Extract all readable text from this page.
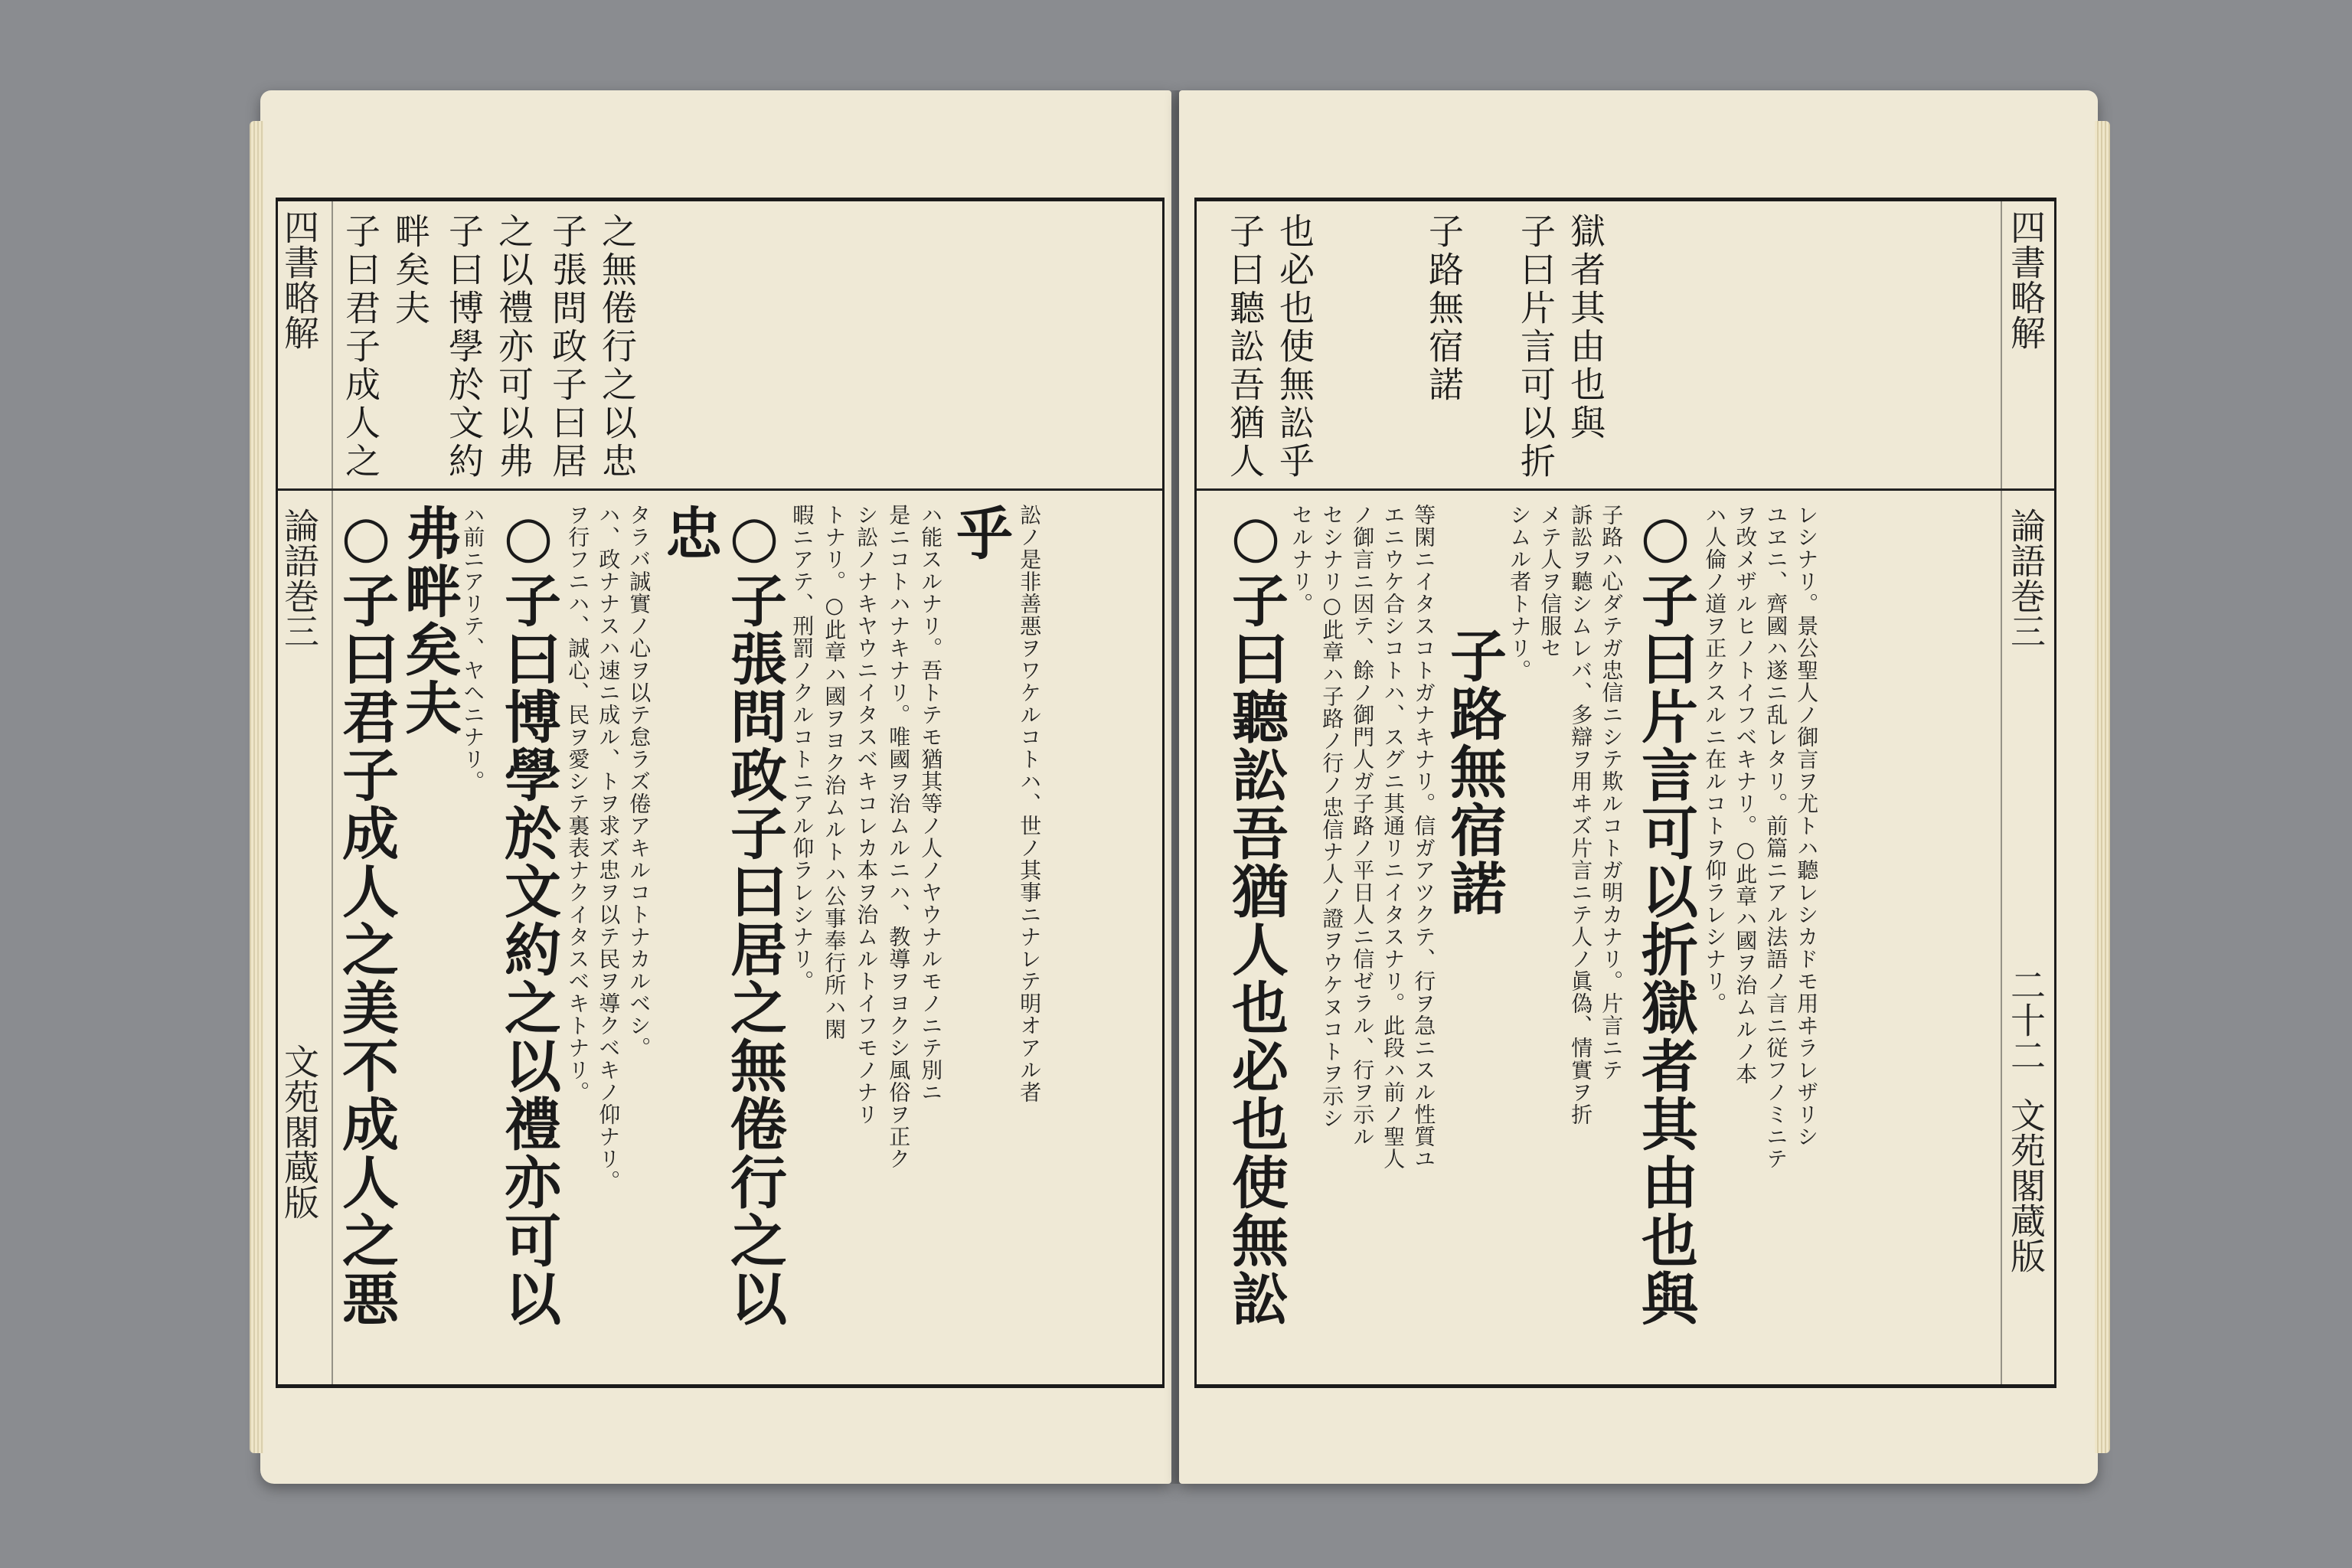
四書略解
論語巻三
文苑閣蔵版
子曰君子成人之 畔矣夫 子曰博學於文約 之以禮亦可以弗 子張問政子曰居 之無倦行之以忠
○子曰君子成人之美不成人之悪
弗畔矣夫
ハ前ニアリテ、ヤヘニナリ。 ○子曰博學於文約之以禮亦可以 ヲ行フニハ、誠心、民ヲ愛シテ裏表ナクイタスベキトナリ。 ハ、政ナナスハ速ニ成ル、トヲ求ズ忠ヲ以テ民ヲ導クベキノ仰ナリ。 タラバ誠實ノ心ヲ以テ怠ラズ倦アキルコトナカルベシ。 忠 ○子張問政子曰居之無倦行之以 暇ニアテ、刑罰ノクルコトニアル仰ラレシナリ。 トナリ。○此章ハ國ヲヨク治ムルトハ公事奉行所ハ閑 シ訟ノナキヤウニイタスベキコレカ本ヲ治ムルトイフモノナリ 是ニコトハナキナリ。唯國ヲ治ムルニハ、教導ヲヨクシ風俗ヲ正ク ハ能スルナリ。吾トテモ猶其等ノ人ノヤウナルモノニテ別ニ 乎 訟ノ是非善悪ヲワケルコトハ、世ノ其事ニナレテ明オアル者
子曰聽訟吾猶人 也必也使無訟乎	子路無宿諾 子曰片言可以折 獄者其由也與
セルナリ。
○子曰聽訟吾猶人也必也使無訟 セシナリ○此章ハ子路ノ行ノ忠信ナ人ノ證ヲウケヌコトヲ示シ ノ御言ニ因テ、餘ノ御門人ガ子路ノ平日人ニ信ゼラル、行ヲ示ル エニウケ合シコトハ、スグニ其通リニイタスナリ。此段ハ前ノ聖人 等閑ニイタスコトガナキナリ。信ガアツクテ、行ヲ急ニスル性質ユ 子路無宿諾
シムル者トナリ。 メテ人ヲ信服セ 訴訟ヲ聽シムレバ、多辯ヲ用ヰズ片言ニテ人ノ眞偽、情實ヲ折 子路ハ心ダテガ忠信ニシテ欺ルコトガ明カナリ。片言ニテ ○子曰片言可以折獄者其由也與 ハ人倫ノ道ヲ正クスルニ在ルコトヲ仰ラレシナリ。 ヲ改メザルヒノトイフベキナリ。○此章ハ國ヲ治ムルノ本 ユヱニ、齊國ハ遂ニ乱レタリ。前篇ニアル法語ノ言ニ従フノミニテ レシナリ。景公聖人ノ御言ヲ尤トハ聽レシカドモ用ヰラレザリシ
四書略解
論語巻三
二十二
文苑閣蔵版
